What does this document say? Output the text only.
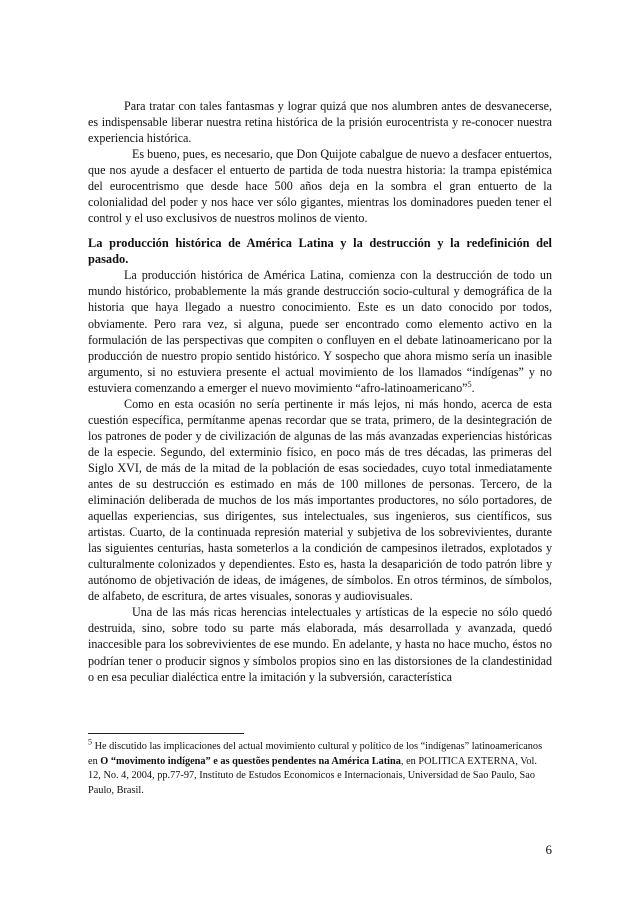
Para tratar con tales fantasmas y lograr quizá que nos alumbren antes de desvanecerse, es indispensable liberar nuestra retina histórica de la prisión eurocentrista y re-conocer nuestra experiencia histórica.

Es bueno, pues, es necesario, que Don Quijote cabalgue de nuevo a desfacer entuertos, que nos ayude a desfacer el entuerto de partida de toda nuestra historia: la trampa epistémica del eurocentrismo que desde hace 500 años deja en la sombra el gran entuerto de la colonialidad del poder y nos hace ver sólo gigantes, mientras los dominadores pueden tener el control y el uso exclusivos de nuestros molinos de viento.

La producción histórica de América Latina y la destrucción y la redefinición del pasado.

La producción histórica de América Latina, comienza con la destrucción de todo un mundo histórico, probablemente la más grande destrucción socio-cultural y demográfica de la historia que haya llegado a nuestro conocimiento. Este es un dato conocido por todos, obviamente. Pero rara vez, si alguna, puede ser encontrado como elemento activo en la formulación de las perspectivas que compiten o confluyen en el debate latinoamericano por la producción de nuestro propio sentido histórico. Y sospecho que ahora mismo sería un inasible argumento, si no estuviera presente el actual movimiento de los llamados “indígenas” y no estuviera comenzando a emerger el nuevo movimiento “afro-latinoamericano”$^5$.

Como en esta ocasión no sería pertinente ir más lejos, ni más hondo, acerca de esta cuestión específica, permítanme apenas recordar que se trata, primero, de la desintegración de los patrones de poder y de civilización de algunas de las más avanzadas experiencias históricas de la especie. Segundo, del exterminio físico, en poco más de tres décadas, las primeras del Siglo XVI, de más de la mitad de la población de esas sociedades, cuyo total inmediatamente antes de su destrucción es estimado en más de 100 millones de personas. Tercero, de la eliminación deliberada de muchos de los más importantes productores, no sólo portadores, de aquellas experiencias, sus dirigentes, sus intelectuales, sus ingenieros, sus científicos, sus artistas. Cuarto, de la continuada represión material y subjetiva de los sobrevivientes, durante las siguientes centurias, hasta someterlos a la condición de campesinos iletrados, explotados y culturalmente colonizados y dependientes. Esto es, hasta la desaparición de todo patrón libre y autónomo de objetivación de ideas, de imágenes, de símbolos. En otros términos, de símbolos, de alfabeto, de escritura, de artes visuales, sonoras y audiovisuales.

Una de las más ricas herencias intelectuales y artísticas de la especie no sólo quedó destruida, sino, sobre todo su parte más elaborada, más desarrollada y avanzada, quedó inaccesible para los sobrevivientes de ese mundo. En adelante, y hasta no hace mucho, éstos no podrían tener o producir signos y símbolos propios sino en las distorsiones de la clandestinidad o en esa peculiar dialéctica entre la imitación y la subversión, característica

$^5$ He discutido las implicaciones del actual movimiento cultural y político de los “indígenas” latinoamericanos en O “movimento indígena” e as questões pendentes na América Latina, en POLITICA EXTERNA, Vol. 12, No. 4, 2004, pp.77-97, Instituto de Estudos Economicos e Internacionais, Universidad de Sao Paulo, Sao Paulo, Brasil.
6
